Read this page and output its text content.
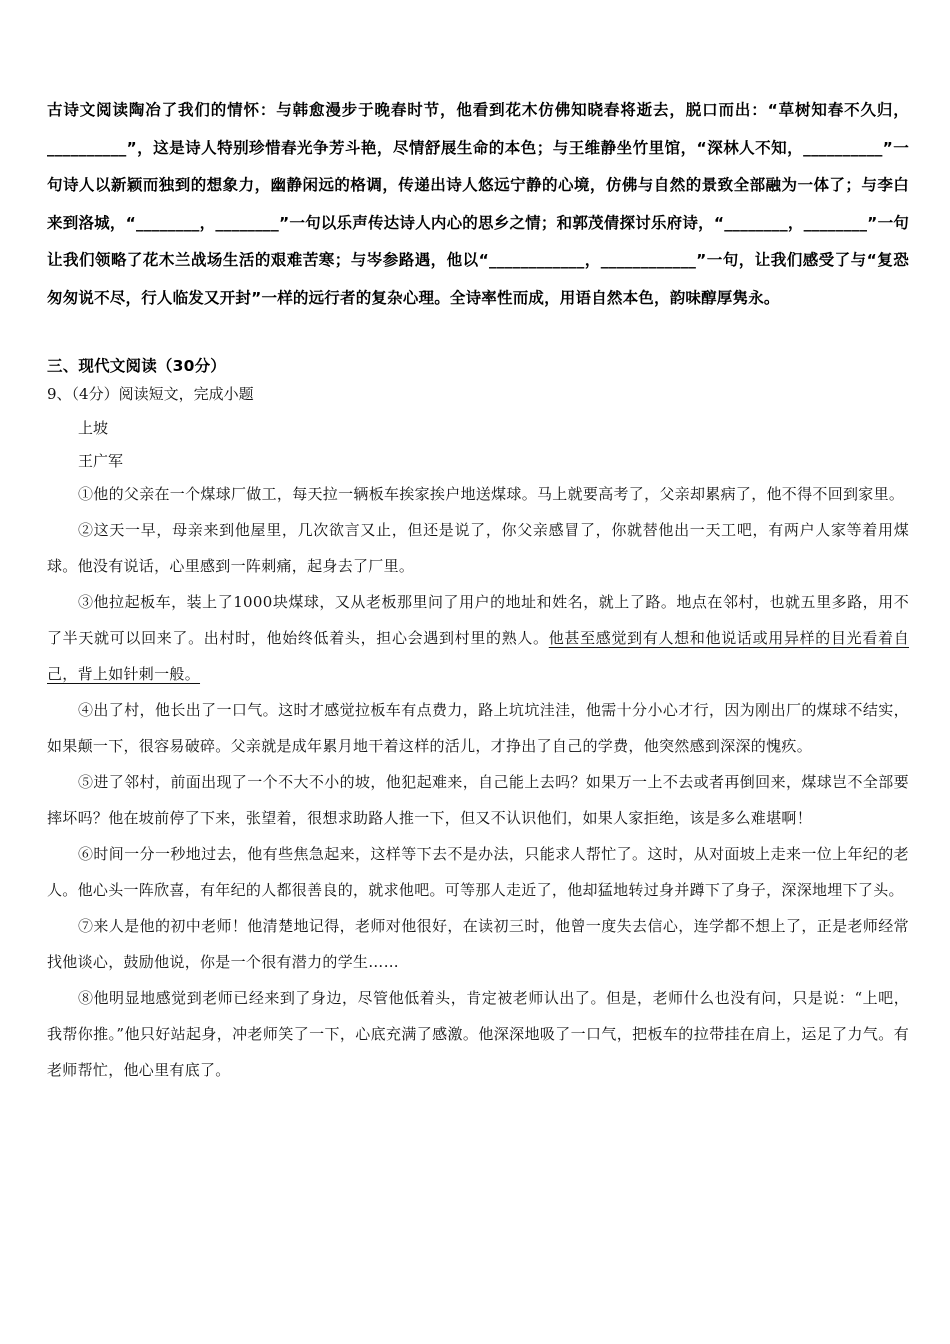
古诗文阅读陶冶了我们的情怀：与韩愈漫步于晚春时节，他看到花木仿佛知晓春将逝去，脱口而出：“草树知春不久归，__________”，这是诗人特别珍惜春光争芳斗艳，尽情舒展生命的本色；与王维静坐竹里馆，“深林人不知，__________”一句诗人以新颖而独到的想象力，幽静闲远的格调，传递出诗人悠远宁静的心境，仿佛与自然的景致全部融为一体了；与李白来到洛城，“________，________”一句以乐声传达诗人内心的思乡之情；和郭茂倩探讨乐府诗，“________，________”一句让我们领略了花木兰战场生活的艰难苦寒；与岑参路遇，他以“____________，____________”一句，让我们感受了与“复恐匆匆说不尽，行人临发又开封”一样的远行者的复杂心理。全诗率性而成，用语自然本色，韵味醇厚隽永。

三、现代文阅读（30分）
9、（4分）阅读短文，完成小题
上坡
王广军

①他的父亲在一个煤球厂做工，每天拉一辆板车挨家挨户地送煤球。马上就要高考了，父亲却累病了，他不得不回到家里。

②这天一早，母亲来到他屋里，几次欲言又止，但还是说了，你父亲感冒了，你就替他出一天工吧，有两户人家等着用煤球。他没有说话，心里感到一阵刺痛，起身去了厂里。

③他拉起板车，装上了1000块煤球，又从老板那里问了用户的地址和姓名，就上了路。地点在邻村，也就五里多路，用不了半天就可以回来了。出村时，他始终低着头，担心会遇到村里的熟人。他甚至感觉到有人想和他说话或用异样的目光看着自己，背上如针刺一般。

④出了村，他长出了一口气。这时才感觉拉板车有点费力，路上坑坑洼洼，他需十分小心才行，因为刚出厂的煤球不结实，如果颠一下，很容易破碎。父亲就是成年累月地干着这样的活儿，才挣出了自己的学费，他突然感到深深的愧疚。

⑤进了邻村，前面出现了一个不大不小的坡，他犯起难来，自己能上去吗？如果万一上不去或者再倒回来，煤球岂不全部要摔坏吗？他在坡前停了下来，张望着，很想求助路人推一下，但又不认识他们，如果人家拒绝，该是多么难堪啊！

⑥时间一分一秒地过去，他有些焦急起来，这样等下去不是办法，只能求人帮忙了。这时，从对面坡上走来一位上年纪的老人。他心头一阵欣喜，有年纪的人都很善良的，就求他吧。可等那人走近了，他却猛地转过身并蹲下了身子，深深地埋下了头。

⑦来人是他的初中老师！他清楚地记得，老师对他很好，在读初三时，他曾一度失去信心，连学都不想上了，正是老师经常找他谈心，鼓励他说，你是一个很有潜力的学生……

⑧他明显地感觉到老师已经来到了身边，尽管他低着头，肯定被老师认出了。但是，老师什么也没有问，只是说：“上吧，我帮你推。”他只好站起身，冲老师笑了一下，心底充满了感激。他深深地吸了一口气，把板车的拉带挂在肩上，运足了力气。有老师帮忙，他心里有底了。
